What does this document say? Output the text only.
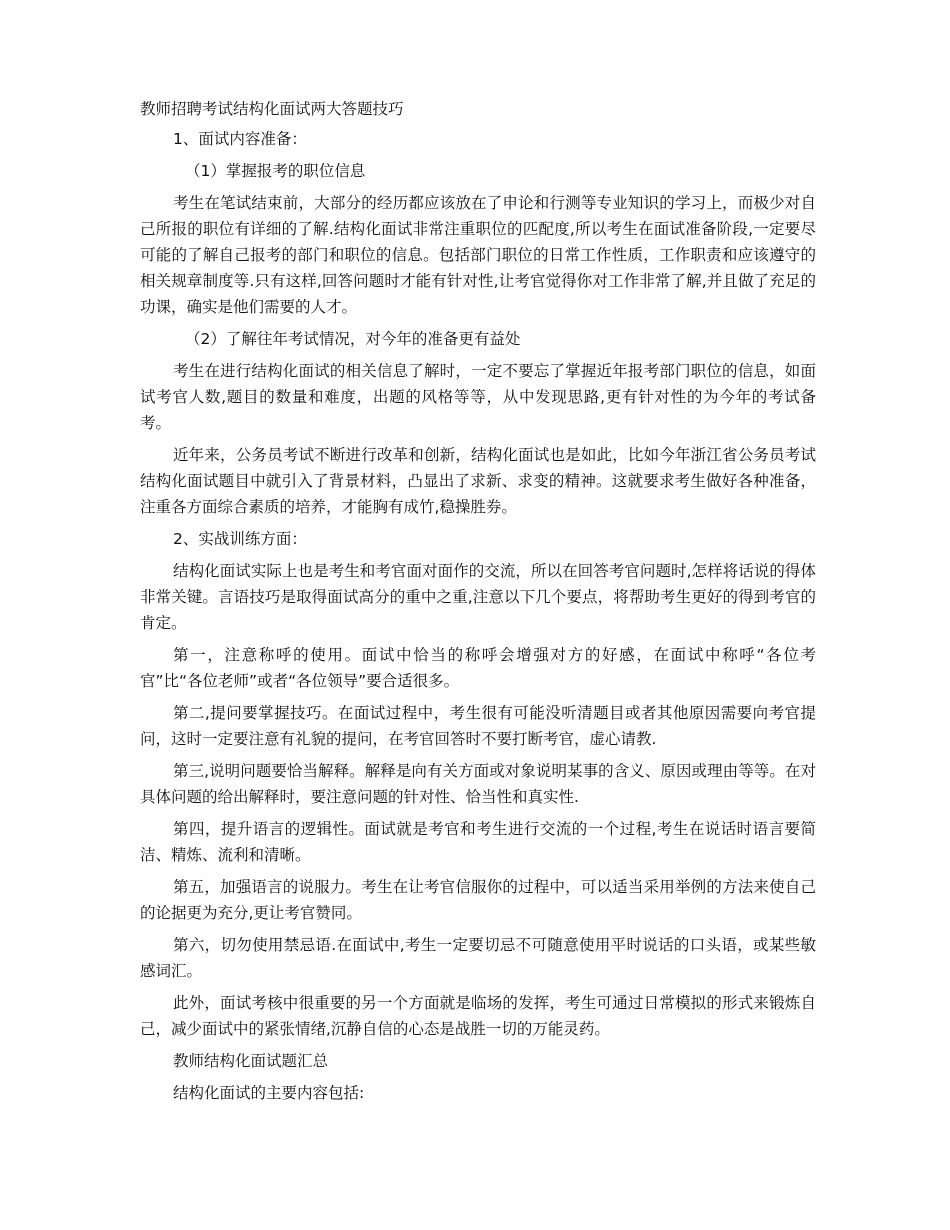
教师招聘考试结构化面试两大答题技巧

1、面试内容准备：

（1）掌握报考的职位信息

考生在笔试结束前，大部分的经历都应该放在了申论和行测等专业知识的学习上，而极少对自己所报的职位有详细的了解.结构化面试非常注重职位的匹配度,所以考生在面试准备阶段,一定要尽可能的了解自己报考的部门和职位的信息。包括部门职位的日常工作性质，工作职责和应该遵守的相关规章制度等.只有这样,回答问题时才能有针对性,让考官觉得你对工作非常了解,并且做了充足的功课，确实是他们需要的人才。

（2）了解往年考试情况，对今年的准备更有益处

考生在进行结构化面试的相关信息了解时，一定不要忘了掌握近年报考部门职位的信息，如面试考官人数,题目的数量和难度，出题的风格等等，从中发现思路,更有针对性的为今年的考试备考。

近年来，公务员考试不断进行改革和创新，结构化面试也是如此，比如今年浙江省公务员考试结构化面试题目中就引入了背景材料，凸显出了求新、求变的精神。这就要求考生做好各种准备，注重各方面综合素质的培养，才能胸有成竹,稳操胜券。

2、实战训练方面：

结构化面试实际上也是考生和考官面对面作的交流，所以在回答考官问题时,怎样将话说的得体非常关键。言语技巧是取得面试高分的重中之重,注意以下几个要点，将帮助考生更好的得到考官的肯定。

第一，注意称呼的使用。面试中恰当的称呼会增强对方的好感，在面试中称呼“各位考官”比“各位老师”或者“各位领导”要合适很多。

第二,提问要掌握技巧。在面试过程中，考生很有可能没听清题目或者其他原因需要向考官提问，这时一定要注意有礼貌的提问，在考官回答时不要打断考官，虚心请教.

第三,说明问题要恰当解释。解释是向有关方面或对象说明某事的含义、原因或理由等等。在对具体问题的给出解释时，要注意问题的针对性、恰当性和真实性.

第四，提升语言的逻辑性。面试就是考官和考生进行交流的一个过程,考生在说话时语言要简洁、精炼、流利和清晰。

第五，加强语言的说服力。考生在让考官信服你的过程中，可以适当采用举例的方法来使自己的论据更为充分,更让考官赞同。

第六，切勿使用禁忌语.在面试中,考生一定要切忌不可随意使用平时说话的口头语，或某些敏感词汇。

此外，面试考核中很重要的另一个方面就是临场的发挥，考生可通过日常模拟的形式来锻炼自己，减少面试中的紧张情绪,沉静自信的心态是战胜一切的万能灵药。

教师结构化面试题汇总

结构化面试的主要内容包括:
